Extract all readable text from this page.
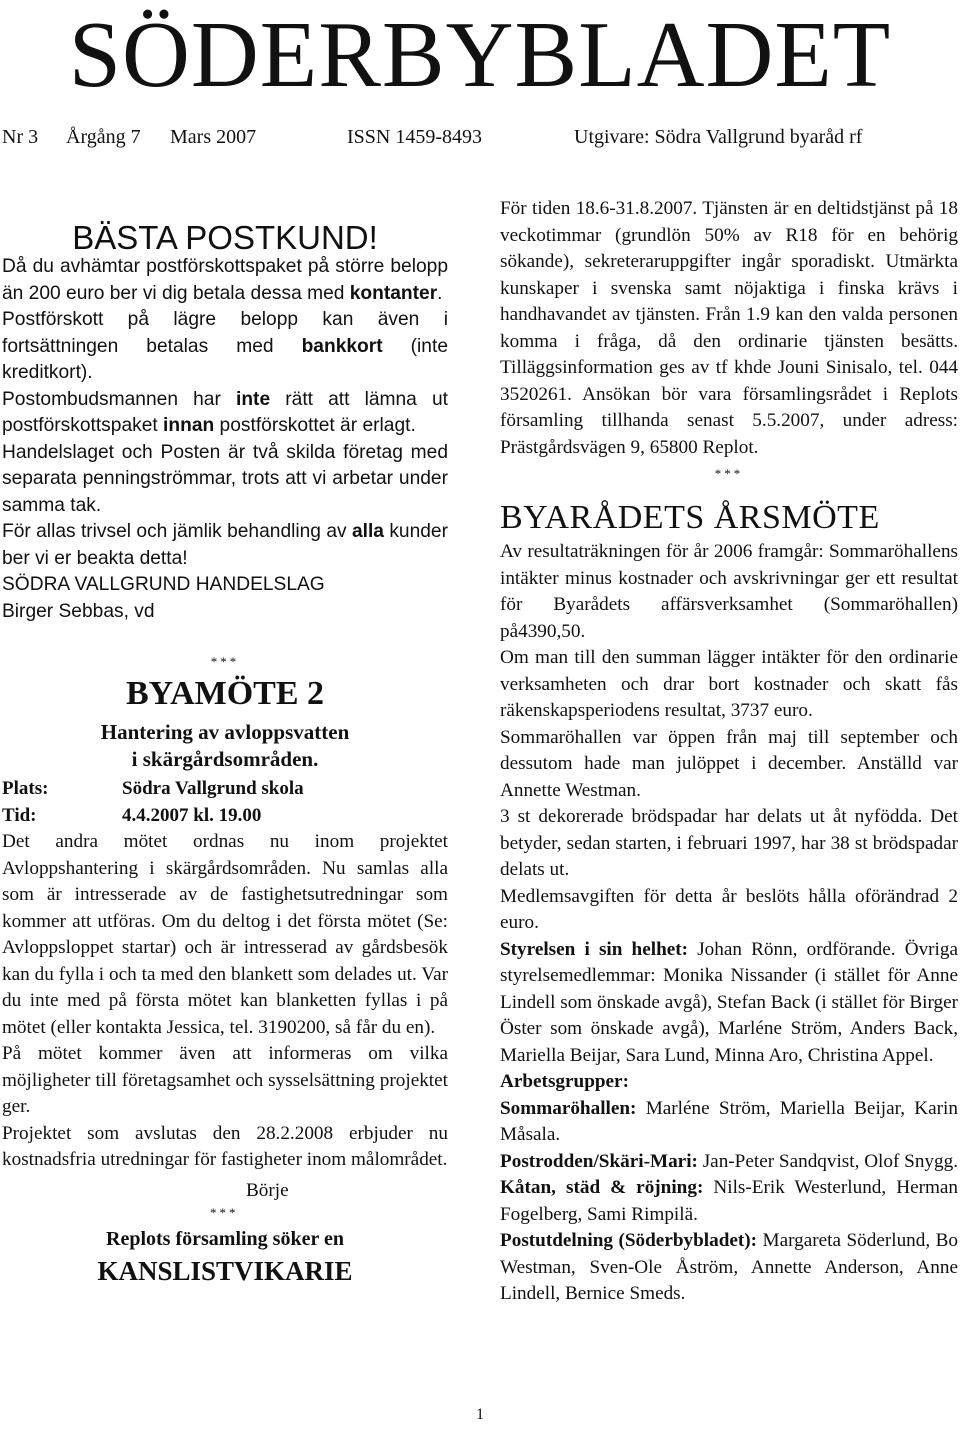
SÖDERBYBLADET
Nr 3 Årgång 7 Mars 2007	ISSN 1459-8493	Utgivare: Södra Vallgrund byaråd rf
BÄSTA POSTKUND!

Då du avhämtar postförskottspaket på större belopp än 200 euro ber vi dig betala dessa med kontanter.

Postförskott på lägre belopp kan även i fortsättningen betalas med bankkort (inte kreditkort).

Postombudsmannen har inte rätt att lämna ut postförskottspaket innan postförskottet är erlagt.

Handelslaget och Posten är två skilda företag med separata penningströmmar, trots att vi arbetar under samma tak.

För allas trivsel och jämlik behandling av alla kunder ber vi er beakta detta!

SÖDRA VALLGRUND HANDELSLAG

Birger Sebbas, vd

***
BYAMÖTE 2
Hantering av avloppsvatten
i skärgårdsområden.
Plats:	Södra Vallgrund skola
Tid:	4.4.2007 kl. 19.00

Det andra mötet ordnas nu inom projektet Avloppshantering i skärgårdsområden. Nu samlas alla som är intresserade av de fastighetsutredningar som kommer att utföras. Om du deltog i det första mötet (Se: Avloppsloppet startar) och är intresserad av gårdsbesök kan du fylla i och ta med den blankett som delades ut. Var du inte med på första mötet kan blanketten fyllas i på mötet (eller kontakta Jessica, tel. 3190200, så får du en).

På mötet kommer även att informeras om vilka möjligheter till företagsamhet och sysselsättning projektet ger.

Projektet som avslutas den 28.2.2008 erbjuder nu kostnadsfria utredningar för fastigheter inom målområdet.

Börje

***
Replots församling söker en
KANSLISTVIKARIE

För tiden 18.6-31.8.2007. Tjänsten är en deltidstjänst på 18 veckotimmar (grundlön 50% av R18 för en behörig sökande), sekreteraruppgifter ingår sporadiskt. Utmärkta kunskaper i svenska samt nöjaktiga i finska krävs i handhavandet av tjänsten. Från 1.9 kan den valda personen komma i fråga, då den ordinarie tjänsten besätts. Tilläggsinformation ges av tf khde Jouni Sinisalo, tel. 044 3520261. Ansökan bör vara församlingsrådet i Replots församling tillhanda senast 5.5.2007, under adress: Prästgårdsvägen 9, 65800 Replot.

***
BYARÅDETS ÅRSMÖTE

Av resultaträkningen för år 2006 framgår: Sommaröhallens intäkter minus kostnader och avskrivningar ger ett resultat för Byarådets affärsverksamhet (Sommaröhallen) på4390,50.

Om man till den summan lägger intäkter för den ordinarie verksamheten och drar bort kostnader och skatt fås räkenskapsperiodens resultat, 3737 euro.

Sommaröhallen var öppen från maj till september och dessutom hade man julöppet i december. Anställd var Annette Westman.

3 st dekorerade brödspadar har delats ut åt nyfödda. Det betyder, sedan starten, i februari 1997, har 38 st brödspadar delats ut.

Medlemsavgiften för detta år beslöts hålla oförändrad 2 euro.

Styrelsen i sin helhet: Johan Rönn, ordförande. Övriga styrelsemedlemmar: Monika Nissander (i stället för Anne Lindell som önskade avgå), Stefan Back (i stället för Birger Öster som önskade avgå), Marléne Ström, Anders Back, Mariella Beijar, Sara Lund, Minna Aro, Christina Appel.

Arbetsgrupper:

Sommaröhallen: Marléne Ström, Mariella Beijar, Karin Måsala.

Postrodden/Skäri-Mari: Jan-Peter Sandqvist, Olof Snygg.

Kåtan, städ & röjning: Nils-Erik Westerlund, Herman Fogelberg, Sami Rimpilä.

Postutdelning (Söderbybladet): Margareta Söderlund, Bo Westman, Sven-Ole Åström, Annette Anderson, Anne Lindell, Bernice Smeds.

1
